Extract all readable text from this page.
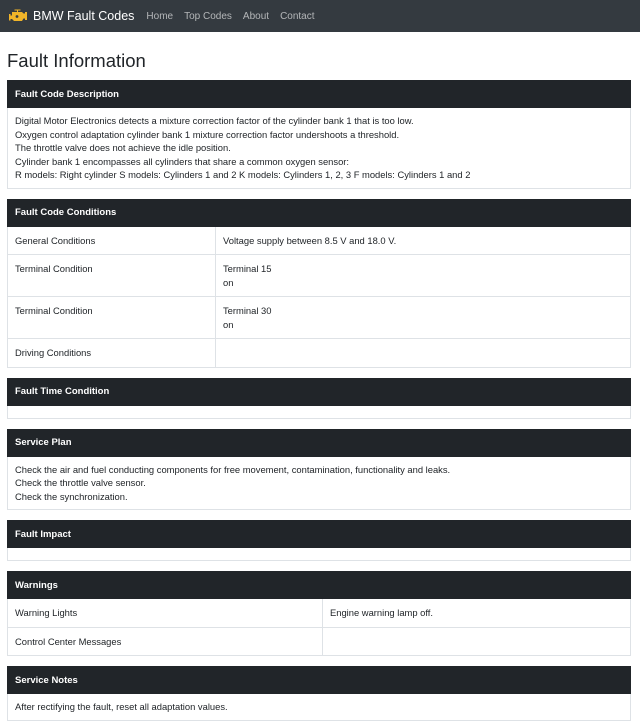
BMW Fault Codes Home Top Codes About Contact
Fault Information
Fault Code Description
Digital Motor Electronics detects a mixture correction factor of the cylinder bank 1 that is too low.
Oxygen control adaptation cylinder bank 1 mixture correction factor undershoots a threshold.
The throttle valve does not achieve the idle position.
Cylinder bank 1 encompasses all cylinders that share a common oxygen sensor:
R models: Right cylinder S models: Cylinders 1 and 2 K models: Cylinders 1, 2, 3 F models: Cylinders 1 and 2
Fault Code Conditions
General Conditions	Voltage supply between 8.5 V and 18.0 V.

Terminal Condition	Terminal 15
on

Terminal Condition	Terminal 30
on

Driving Conditions	
Fault Time Condition
Service Plan
Check the air and fuel conducting components for free movement, contamination, functionality and leaks.
Check the throttle valve sensor.
Check the synchronization.
Fault Impact
Warnings
Warning Lights	Engine warning lamp off.
Control Center Messages	
Service Notes
After rectifying the fault, reset all adaptation values.
